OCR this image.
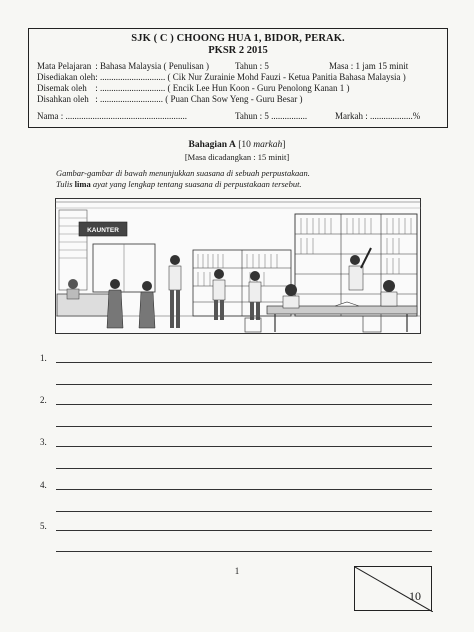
SJK ( C ) CHOONG HUA 1, BIDOR, PERAK.
PKSR 2 2015
Mata Pelajaran : Bahasa Malaysia ( Penulisan )	Tahun : 5	Masa : 1 jam 15 minit
Disediakan oleh : ............................. ( Cik Nur Zurainie Mohd Fauzi - Ketua Panitia Bahasa Malaysia )
Disemak oleh : ............................. ( Encik Lee Hun Koon - Guru Penolong Kanan 1 )
Disahkan oleh : ............................ ( Puan Chan Sow Yeng - Guru Besar )
Nama : ......................................................	Tahun : 5 ................	Markah : ...................%
Bahagian A [10 markah]
[Masa dicadangkan : 15 minit]
Gambar-gambar di bawah menunjukkan suasana di sebuah perpustakaan.
Tulis lima ayat yang lengkap tentang suasana di perpustakaan tersebut.
KAUNTER
1.
2.
3.
4.
5.
1
10
